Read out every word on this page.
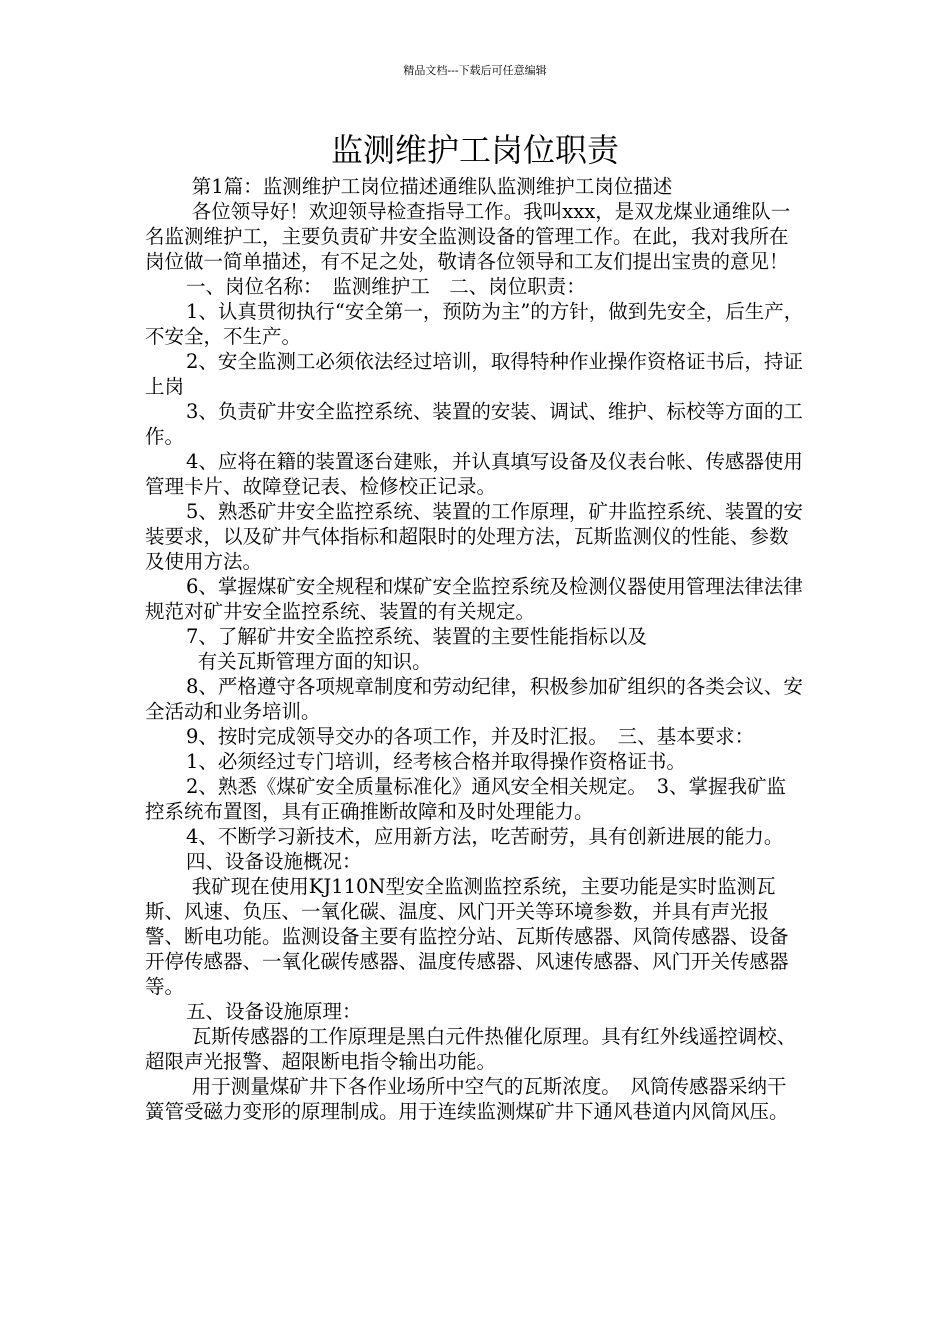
精品文档---下载后可任意编辑
监测维护工岗位职责

第1篇：监测维护工岗位描述通维队监测维护工岗位描述

各位领导好！欢迎领导检查指导工作。我叫xxx，是双龙煤业通维队一名监测维护工，主要负责矿井安全监测设备的管理工作。在此，我对我所在岗位做一简单描述，有不足之处，敬请各位领导和工友们提出宝贵的意见！

一、岗位名称：　监测维护工　二、岗位职责：

1、认真贯彻执行“安全第一，预防为主”的方针，做到先安全，后生产，不安全，不生产。

2、安全监测工必须依法经过培训，取得特种作业操作资格证书后，持证上岗

3、负责矿井安全监控系统、装置的安装、调试、维护、标校等方面的工作。

4、应将在籍的装置逐台建账，并认真填写设备及仪表台帐、传感器使用管理卡片、故障登记表、检修校正记录。

5、熟悉矿井安全监控系统、装置的工作原理，矿井监控系统、装置的安装要求，以及矿井气体指标和超限时的处理方法，瓦斯监测仪的性能、参数及使用方法。

6、掌握煤矿安全规程和煤矿安全监控系统及检测仪器使用管理法律法律规范对矿井安全监控系统、装置的有关规定。

7、了解矿井安全监控系统、装置的主要性能指标以及

有关瓦斯管理方面的知识。

8、严格遵守各项规章制度和劳动纪律，积极参加矿组织的各类会议、安全活动和业务培训。

9、按时完成领导交办的各项工作，并及时汇报。　三、基本要求：

1、必须经过专门培训，经考核合格并取得操作资格证书。

2、熟悉《煤矿安全质量标准化》通风安全相关规定。　3、掌握我矿监控系统布置图，具有正确推断故障和及时处理能力。

4、不断学习新技术，应用新方法，吃苦耐劳，具有创新进展的能力。

四、设备设施概况：

我矿现在使用KJ110N型安全监测监控系统，主要功能是实时监测瓦斯、风速、负压、一氧化碳、温度、风门开关等环境参数，并具有声光报警、断电功能。监测设备主要有监控分站、瓦斯传感器、风筒传感器、设备开停传感器、一氧化碳传感器、温度传感器、风速传感器、风门开关传感器等。

五、设备设施原理：

瓦斯传感器的工作原理是黑白元件热催化原理。具有红外线遥控调校、超限声光报警、超限断电指令输出功能。

用于测量煤矿井下各作业场所中空气的瓦斯浓度。　风筒传感器采纳干簧管受磁力变形的原理制成。用于连续监测煤矿井下通风巷道内风筒风压。
